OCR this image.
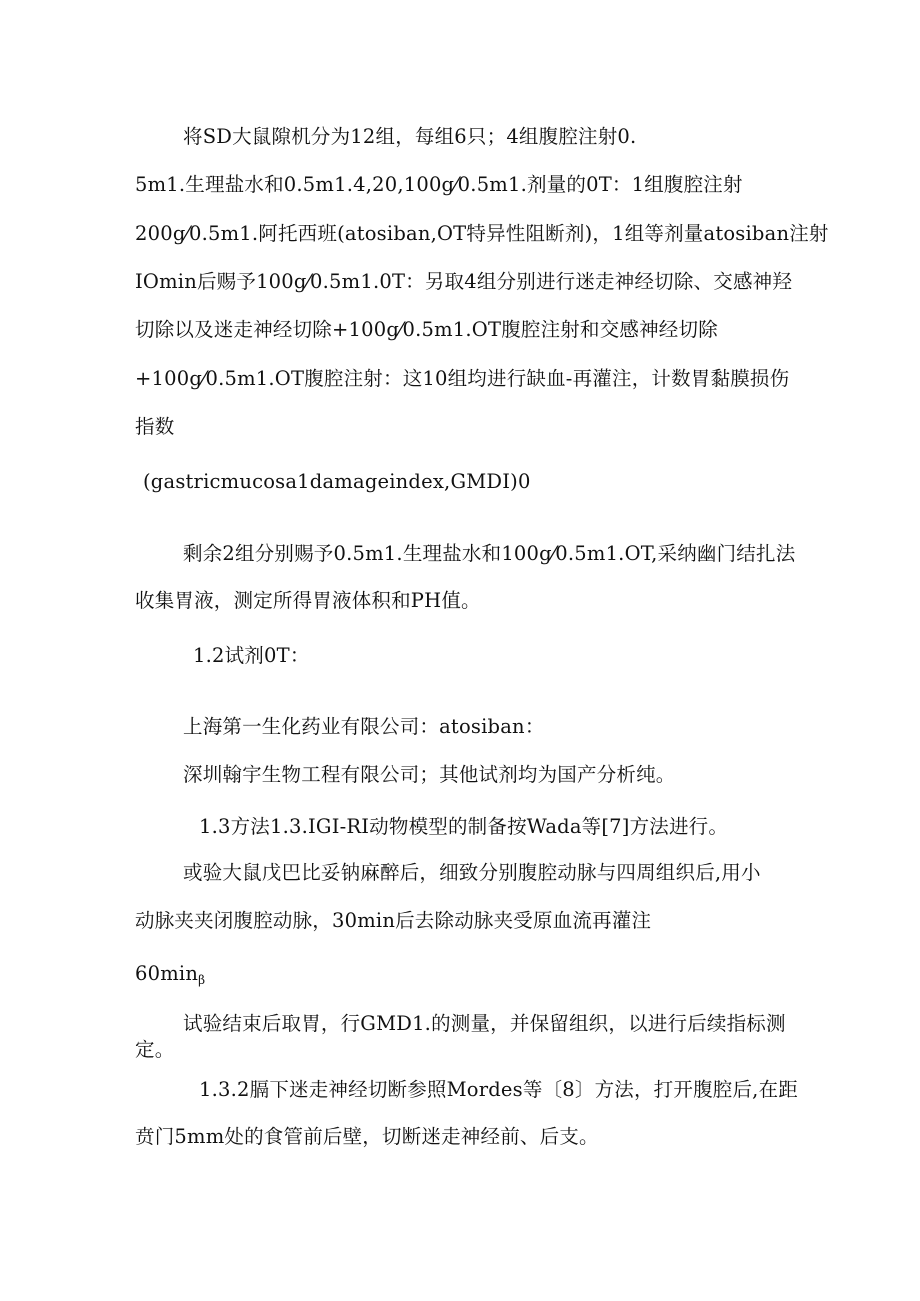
将SD大鼠隙机分为12组，每组6只；4组腹腔注射0.

5m1.生理盐水和0.5m1.4,20,100g⁄0.5m1.剂量的0T：1组腹腔注射

200g⁄0.5m1.阿托西班(atosiban,OT特异性阻断剂)，1组等剂量atosiban注射

IOmin后赐予100g⁄0.5m1.0T：另取4组分别进行迷走神经切除、交感神羟

切除以及迷走神经切除+100g⁄0.5m1.OT腹腔注射和交感神经切除

+100g⁄0.5m1.OT腹腔注射：这10组均进行缺血-再灌注，计数胃黏膜损伤

指数

(gastricmucosa1damageindex,GMDI)0

剩余2组分别赐予0.5m1.生理盐水和100g⁄0.5m1.OT,采纳幽门结扎法

收集胃液，测定所得胃液体积和PH值。

1.2试剂0T：

上海第一生化药业有限公司：atosiban：

深圳翰宇生物工程有限公司；其他试剂均为国产分析纯。

1.3方法1.3.IGI-RI动物模型的制备按Wada等[7]方法进行。

或验大鼠戊巴比妥钠麻醉后，细致分别腹腔动脉与四周组织后,用小

动脉夹夹闭腹腔动脉，30min后去除动脉夹受原血流再灌注

$60\min_\beta$

试验结束后取胃，行GMD1.的测量，并保留组织，以进行后续指标测

定。

1.3.2膈下迷走神经切断参照Mordes等〔8〕方法，打开腹腔后,在距

贲门5mm处的食管前后壁，切断迷走神经前、后支。
